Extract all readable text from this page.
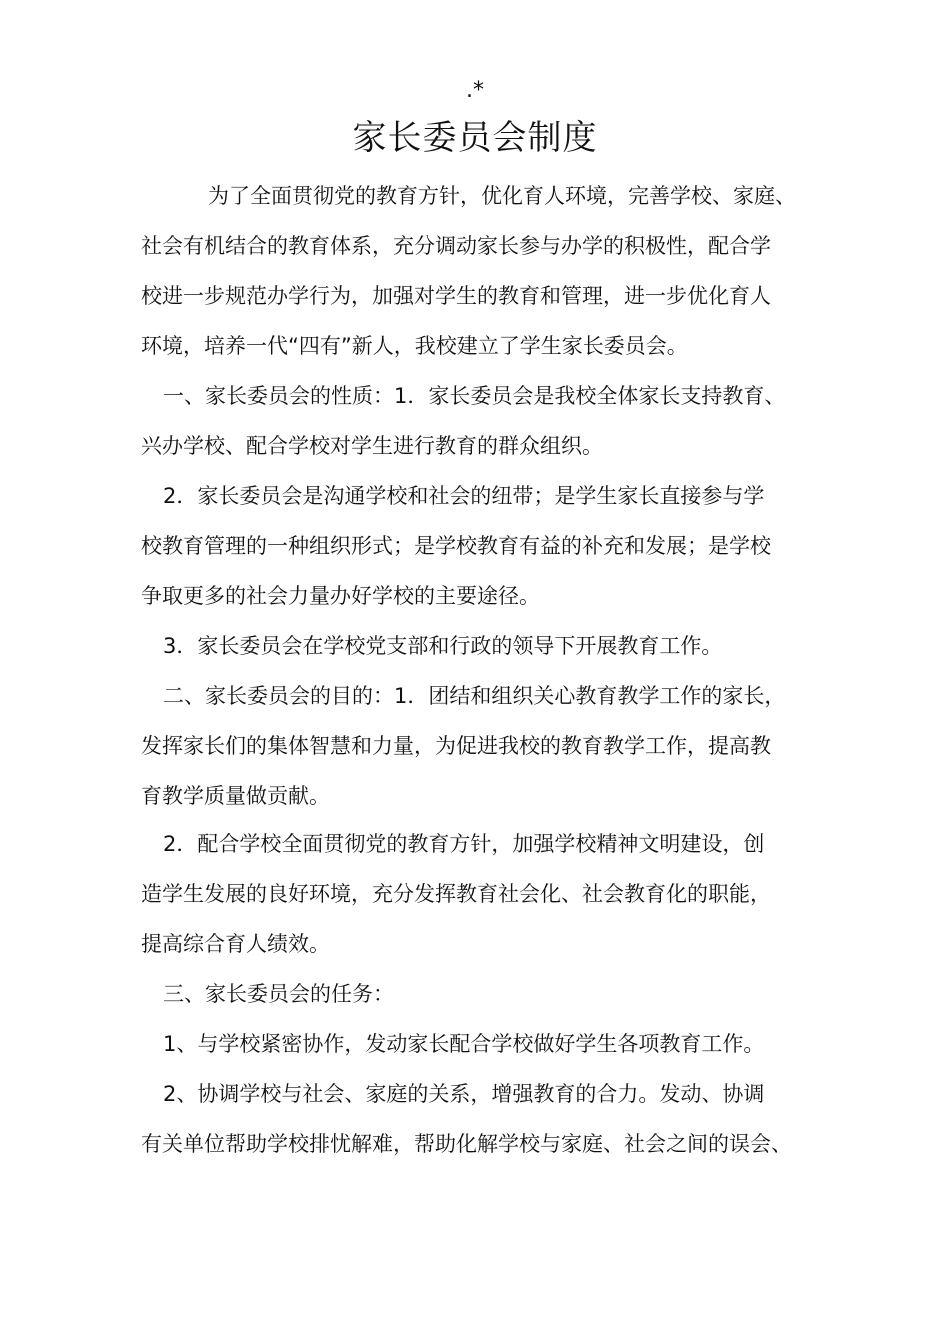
.*
家长委员会制度
为了全面贯彻党的教育方针，优化育人环境，完善学校、家庭、
社会有机结合的教育体系，充分调动家长参与办学的积极性，配合学
校进一步规范办学行为，加强对学生的教育和管理，进一步优化育人
环境，培养一代“四有”新人，我校建立了学生家长委员会。
一、家长委员会的性质：1．家长委员会是我校全体家长支持教育、
兴办学校、配合学校对学生进行教育的群众组织。
2．家长委员会是沟通学校和社会的纽带；是学生家长直接参与学
校教育管理的一种组织形式；是学校教育有益的补充和发展；是学校
争取更多的社会力量办好学校的主要途径。
3．家长委员会在学校党支部和行政的领导下开展教育工作。
二、家长委员会的目的：1．团结和组织关心教育教学工作的家长，
发挥家长们的集体智慧和力量，为促进我校的教育教学工作，提高教
育教学质量做贡献。
2．配合学校全面贯彻党的教育方针，加强学校精神文明建设，创
造学生发展的良好环境，充分发挥教育社会化、社会教育化的职能，
提高综合育人绩效。
三、家长委员会的任务：
1、与学校紧密协作，发动家长配合学校做好学生各项教育工作。
2、协调学校与社会、家庭的关系，增强教育的合力。发动、协调
有关单位帮助学校排忧解难，帮助化解学校与家庭、社会之间的误会、
